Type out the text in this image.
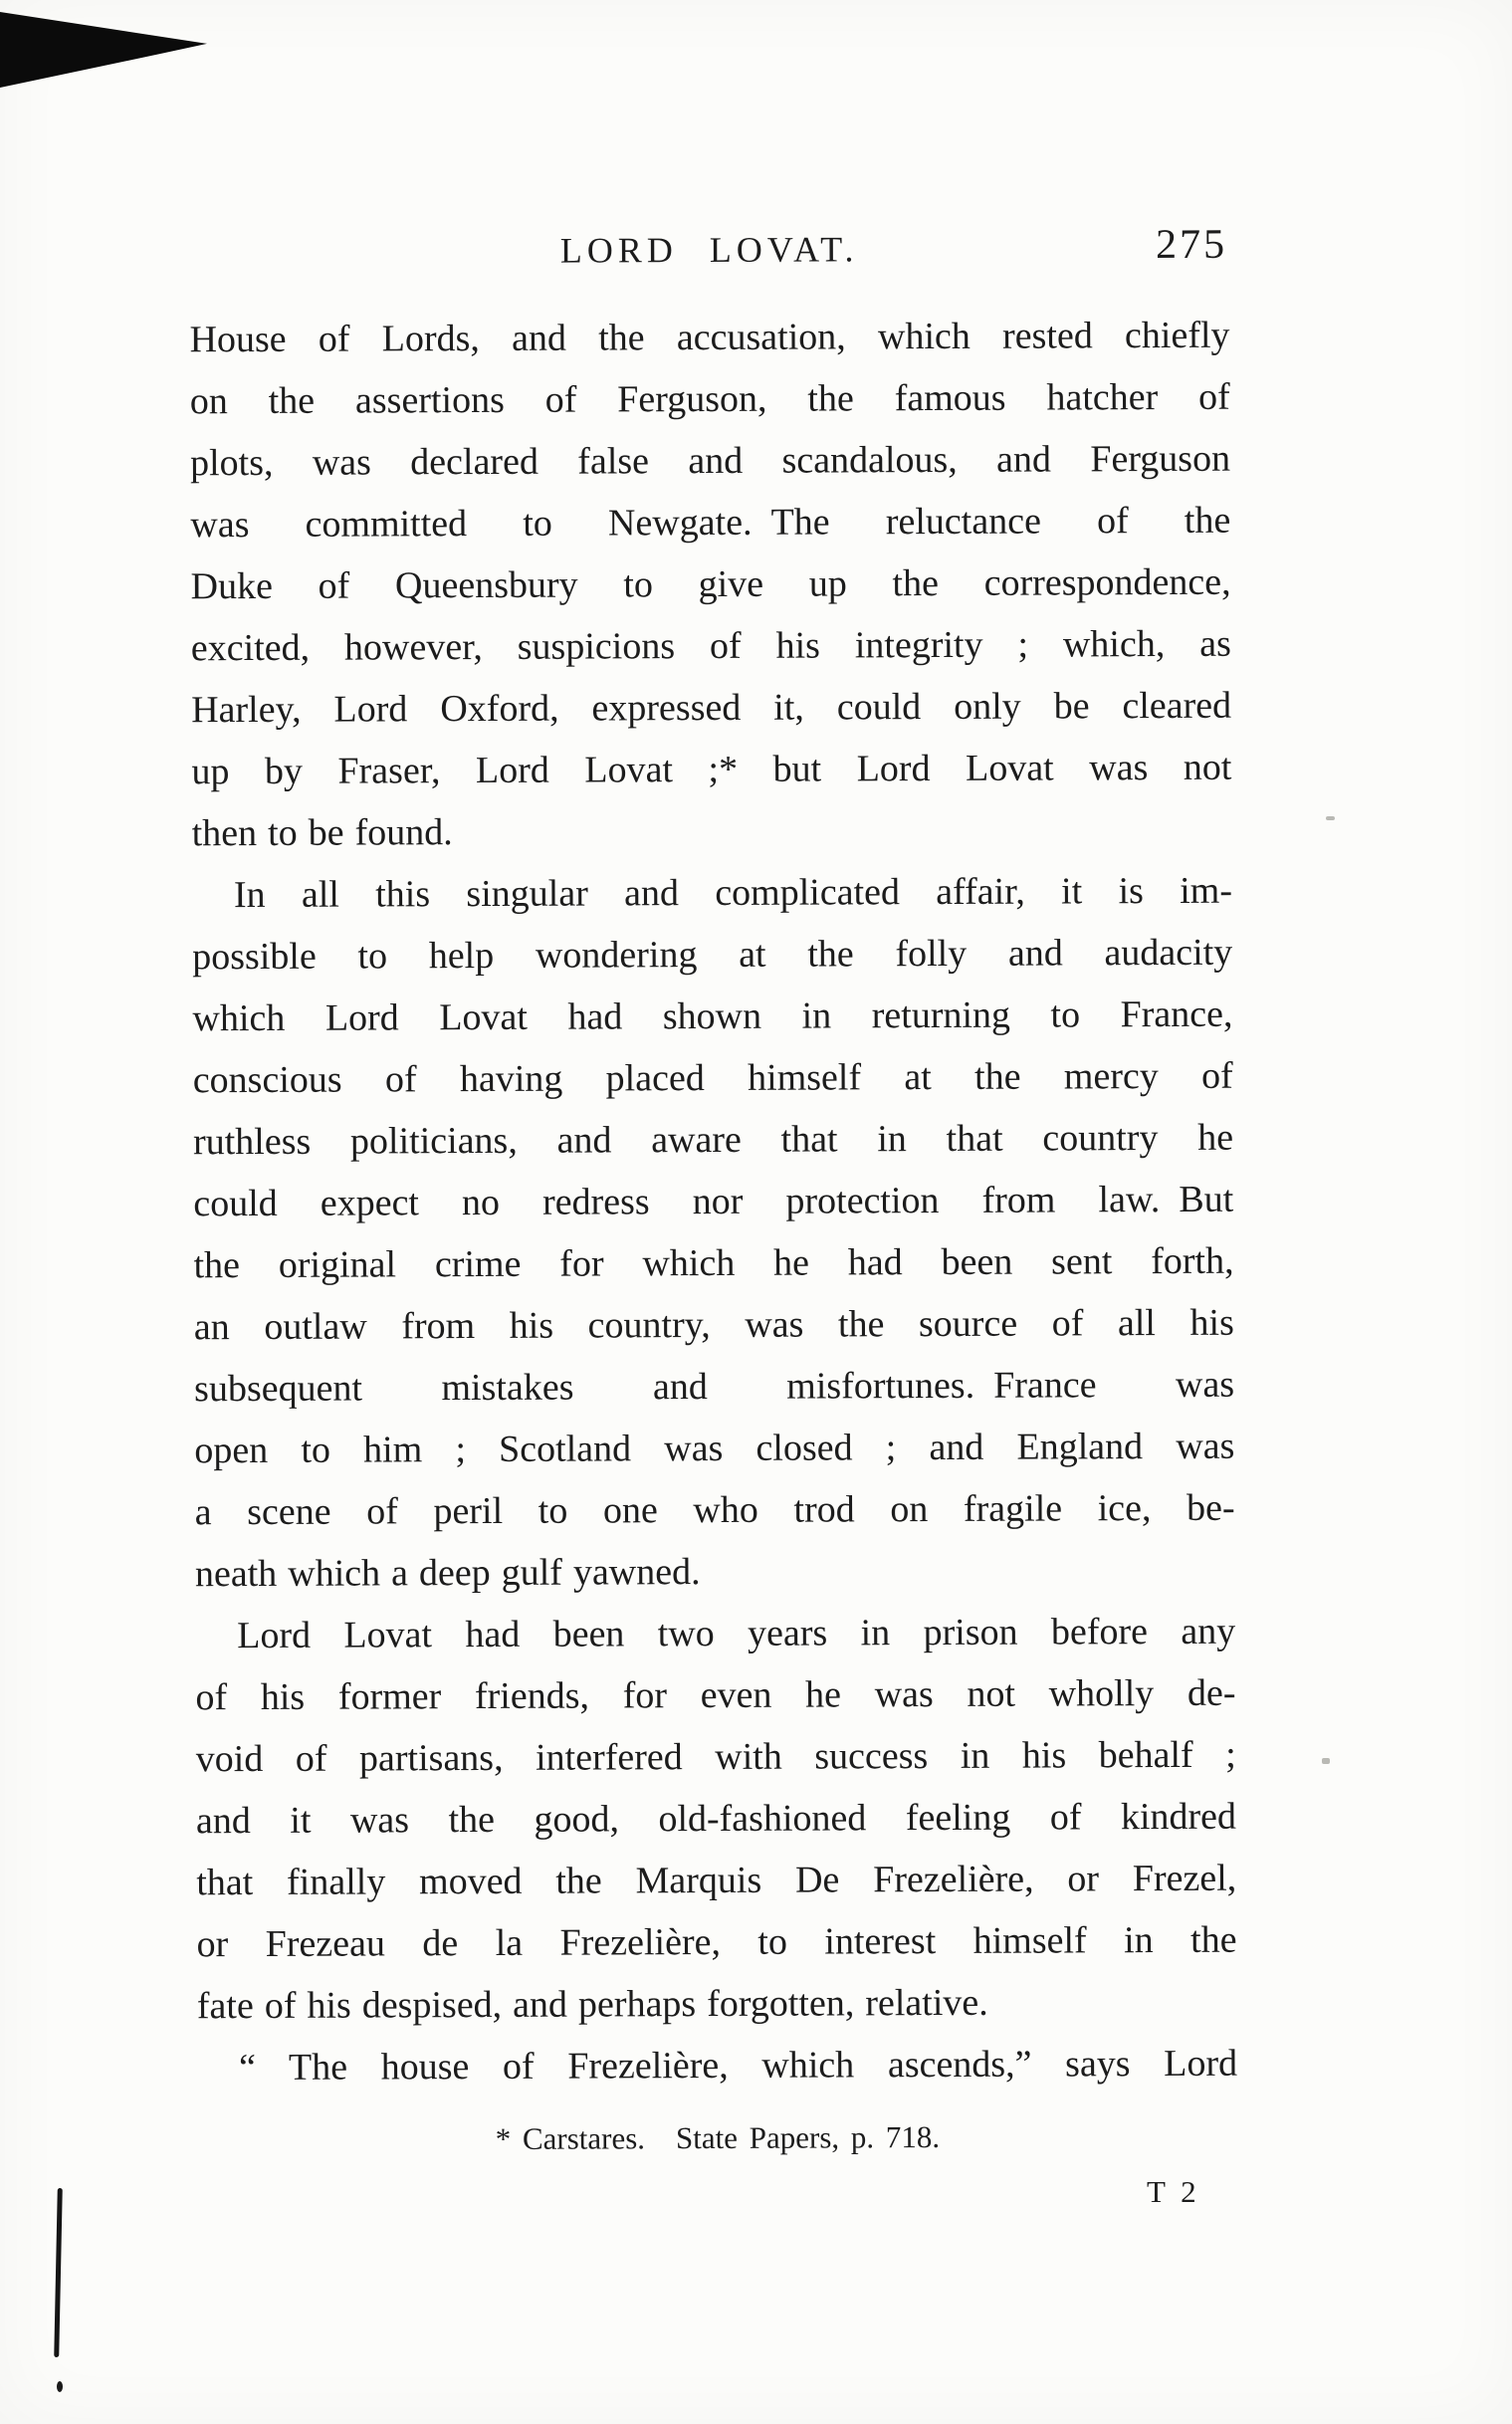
LORD LOVAT.	275
House of Lords, and the accusation, which rested chiefly
on the assertions of Ferguson, the famous hatcher of
plots, was declared false and scandalous, and Ferguson
was committed to Newgate. The reluctance of the
Duke of Queensbury to give up the correspondence,
excited, however, suspicions of his integrity ; which, as
Harley, Lord Oxford, expressed it, could only be cleared
up by Fraser, Lord Lovat ;* but Lord Lovat was not
then to be found.
In all this singular and complicated affair, it is im-
possible to help wondering at the folly and audacity
which Lord Lovat had shown in returning to France,
conscious of having placed himself at the mercy of
ruthless politicians, and aware that in that country he
could expect no redress nor protection from law. But
the original crime for which he had been sent forth,
an outlaw from his country, was the source of all his
subsequent mistakes and misfortunes. France was
open to him ; Scotland was closed ; and England was
a scene of peril to one who trod on fragile ice, be-
neath which a deep gulf yawned.
Lord Lovat had been two years in prison before any
of his former friends, for even he was not wholly de-
void of partisans, interfered with success in his behalf ;
and it was the good, old-fashioned feeling of kindred
that finally moved the Marquis De Frezelière, or Frezel,
or Frezeau de la Frezelière, to interest himself in the
fate of his despised, and perhaps forgotten, relative.
“ The house of Frezelière, which ascends,” says Lord
* Carstares. State Papers, p. 718.
T 2
